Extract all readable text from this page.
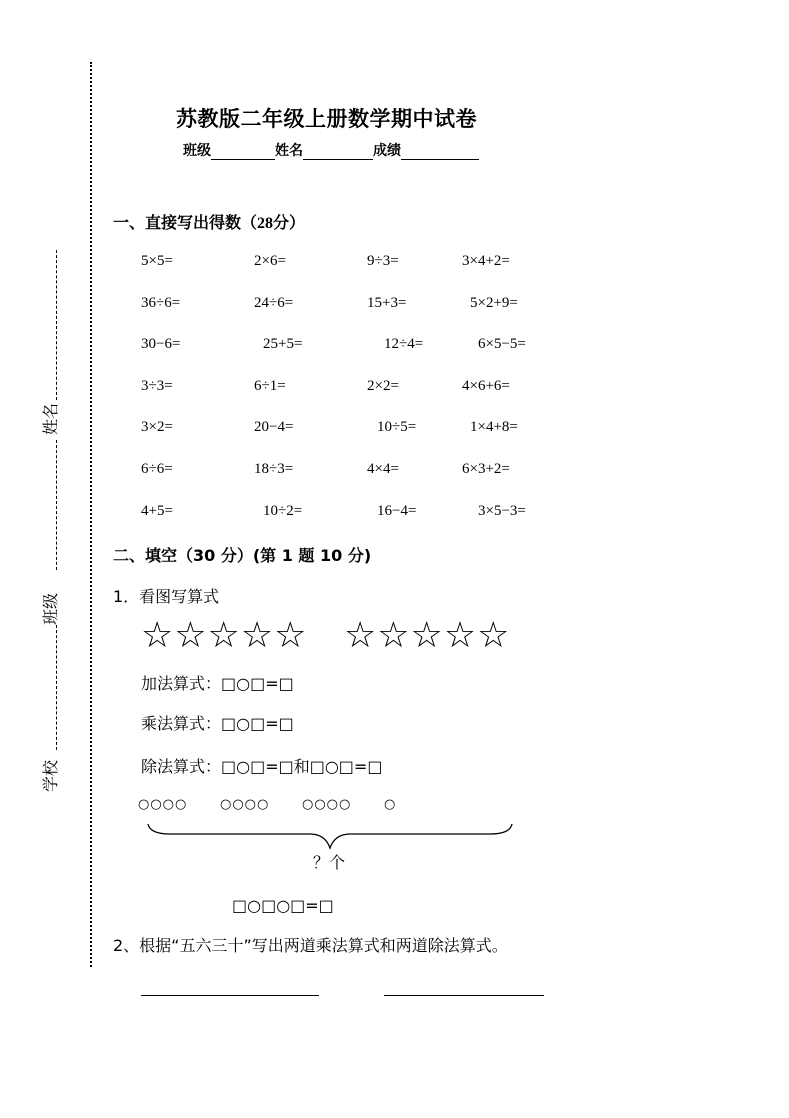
姓名
班级
学校
苏教版二年级上册数学期中试卷
班级	姓名	成绩
一、直接写出得数（28分）
5×5=	2×6=	9÷3=	3×4+2=
36÷6=	24÷6=	15+3=	5×2+9=
30−6=	25+5=	12÷4=	6×5−5=
3÷3=	6÷1=	2×2=	4×6+6=
3×2=	20−4=	10÷5=	1×4+8=
6÷6=	18÷3=	4×4=	6×3+2=
4+5=	10÷2=	16−4=	3×5−3=
二、填空（30 分）(第 1 题 10 分)
1．看图写算式
☆☆☆☆☆ ☆☆☆☆☆
加法算式：□○□=□
乘法算式：□○□=□
除法算式：□○□=□和□○□=□
○○○○	○○○○	○○○○	○
？个
□○□○□=□
2、根据“五六三十”写出两道乘法算式和两道除法算式。
